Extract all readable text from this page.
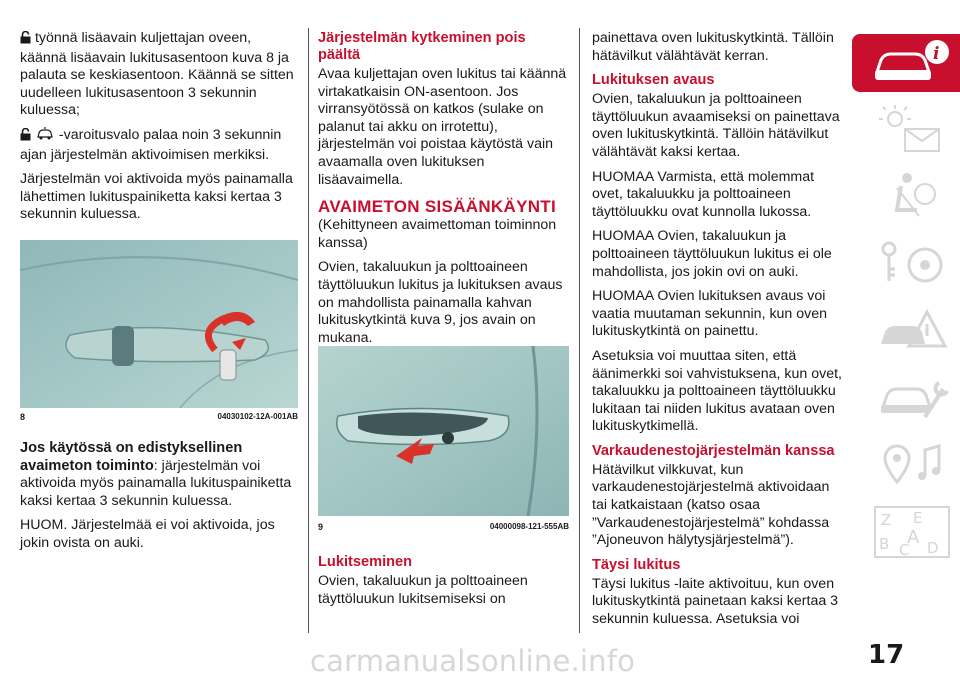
työnnä lisäavain kuljettajan oveen, käännä lisäavain lukitusasentoon kuva 8 ja palauta se keskiasentoon. Käännä se sitten uudelleen lukitusasentoon 3 sekunnin kuluessa;

-varoitusvalo palaa noin 3 sekunnin ajan järjestelmän aktivoimisen merkiksi.

Järjestelmän voi aktivoida myös painamalla lähettimen lukituspainiketta kaksi kertaa 3 sekunnin kuluessa.

8	04030102-12A-001AB

Jos käytössä on edistyksellinen avaimeton toiminto: järjestelmän voi aktivoida myös painamalla lukituspainiketta kaksi kertaa 3 sekunnin kuluessa.

HUOM. Järjestelmää ei voi aktivoida, jos jokin ovista on auki.

Järjestelmän kytkeminen pois päältä

Avaa kuljettajan oven lukitus tai käännä virtakatkaisin ON-asentoon. Jos virransyötössä on katkos (sulake on palanut tai akku on irrotettu), järjestelmän voi poistaa käytöstä vain avaamalla oven lukituksen lisäavaimella.

AVAIMETON SISÄÄNKÄYNTI

(Kehittyneen avaimettoman toiminnon kanssa)

Ovien, takaluukun ja polttoaineen täyttöluukun lukitus ja lukituksen avaus on mahdollista painamalla kahvan lukituskytkintä kuva 9, jos avain on mukana.

9	04000098-121-555AB
Lukitseminen

Ovien, takaluukun ja polttoaineen täyttöluukun lukitsemiseksi on

painettava oven lukituskytkintä. Tällöin hätävilkut välähtävät kerran.

Lukituksen avaus

Ovien, takaluukun ja polttoaineen täyttöluukun avaamiseksi on painettava oven lukituskytkintä. Tällöin hätävilkut välähtävät kaksi kertaa.

HUOMAA Varmista, että molemmat ovet, takaluukku ja polttoaineen täyttöluukku ovat kunnolla lukossa.

HUOMAA Ovien, takaluukun ja polttoaineen täyttöluukun lukitus ei ole mahdollista, jos jokin ovi on auki.

HUOMAA Ovien lukituksen avaus voi vaatia muutaman sekunnin, kun oven lukituskytkintä on painettu.

Asetuksia voi muuttaa siten, että äänimerkki soi vahvistuksena, kun ovet, takaluukku ja polttoaineen täyttöluukku lukitaan tai niiden lukitus avataan oven lukituskytkimellä.

Varkaudenestojärjestelmän kanssa

Hätävilkut vilkkuvat, kun varkaudenestojärjestelmä aktivoidaan tai katkaistaan (katso osaa ”Varkaudenestojärjestelmä” kohdassa ”Ajoneuvon hälytysjärjestelmä”).

Täysi lukitus

Täysi lukitus -laite aktivoituu, kun oven lukituskytkintä painetaan kaksi kertaa 3 sekunnin kuluessa. Asetuksia voi

i
Z E
B C
A D
17
carmanualsonline.info
